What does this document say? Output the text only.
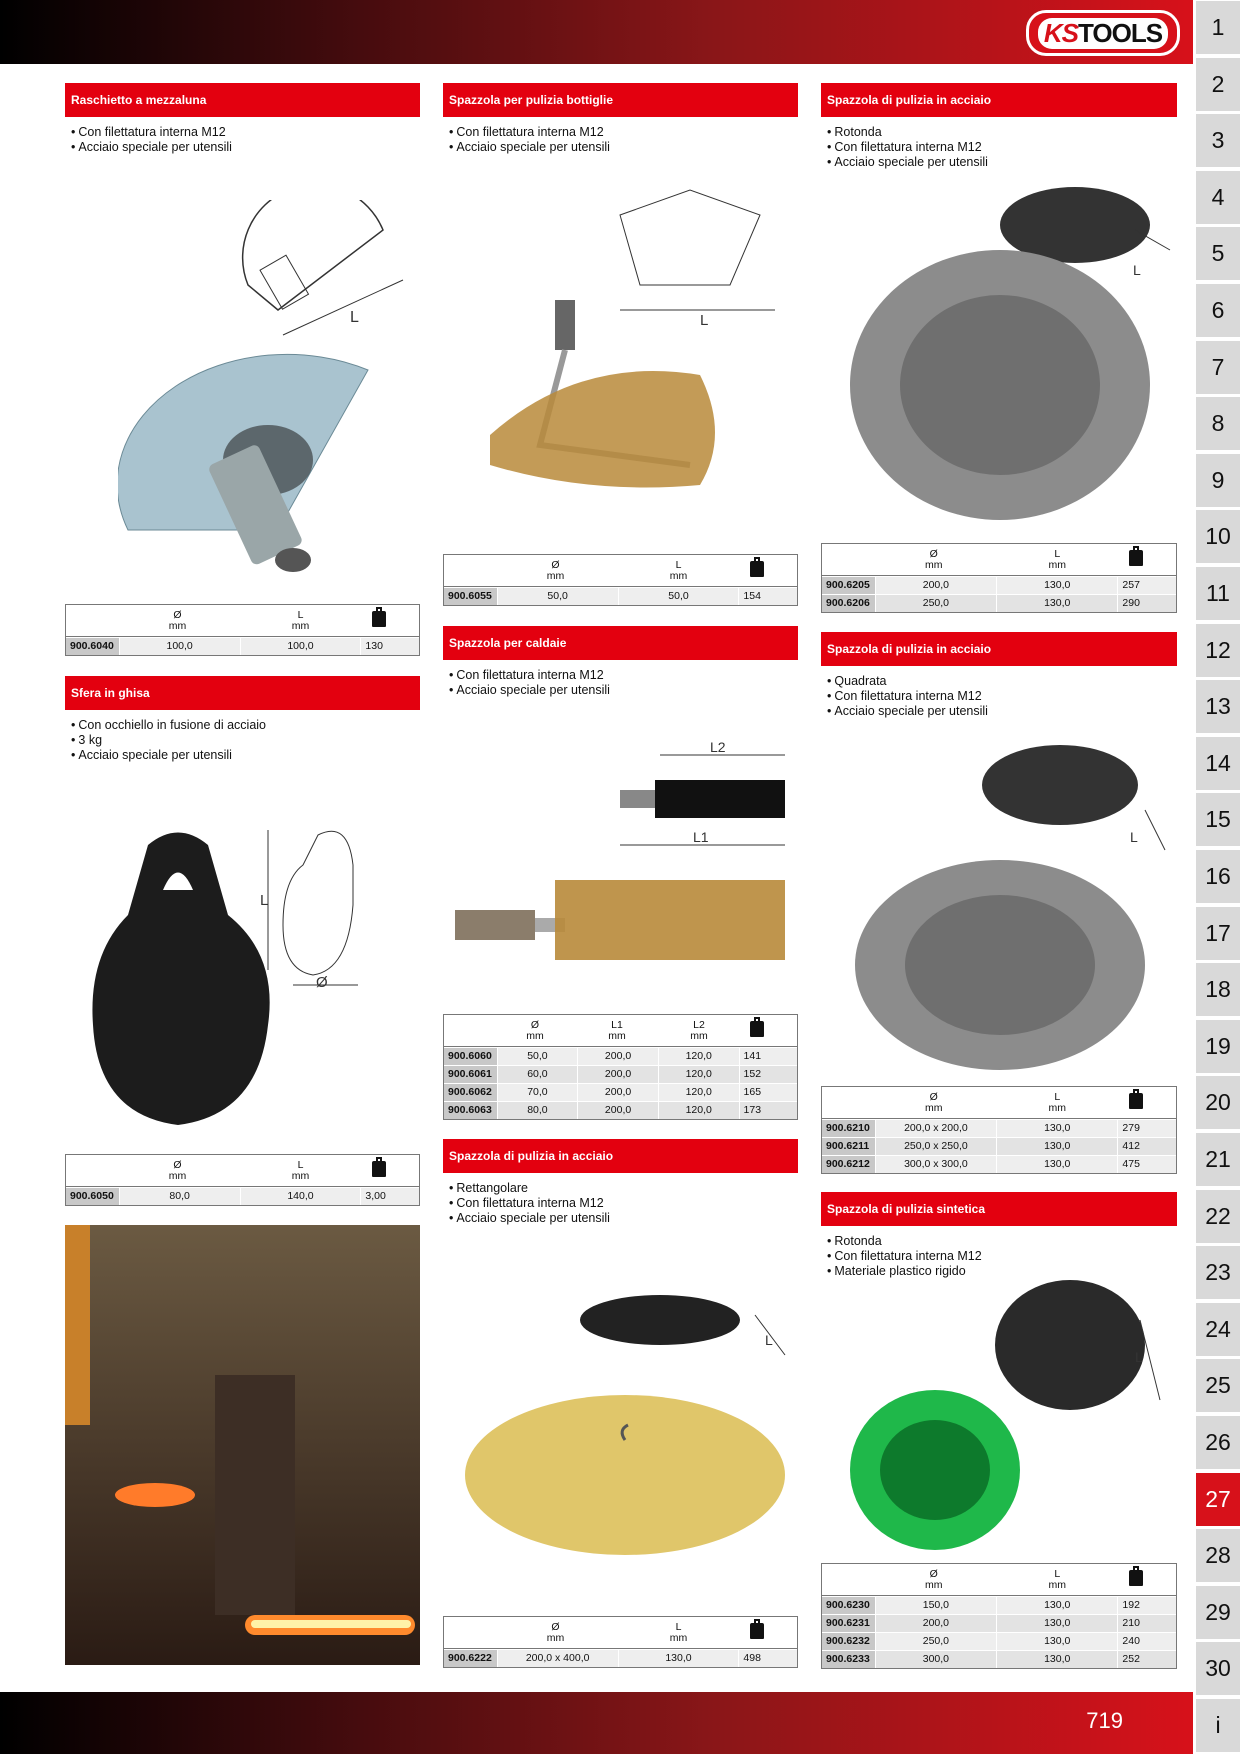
KSTOOLS
719
1
2
3
4
5
6
7
8
9
10
11
12
13
14
15
16
17
18
19
20
21
22
23
24
25
26
27
28
29
30
i
Raschietto a mezzaluna
• Con filettatura interna M12
• Acciaio speciale per utensili
L
Ø
mm
L
mm
900.6040	100,0	100,0	130
Sfera in ghisa
• Con occhiello in fusione di acciaio
• 3 kg
• Acciaio speciale per utensili
L
Ø
Ø
mm
L
mm
900.6050	80,0	140,0	3,00
Spazzola per pulizia bottiglie
• Con filettatura interna M12
• Acciaio speciale per utensili
L
Ø
mm
L
mm
900.6055	50,0	50,0	154
Spazzola per caldaie
• Con filettatura interna M12
• Acciaio speciale per utensili
L2
L1
Ø
mm
L1
mm
L2
mm
900.6060	50,0	200,0	120,0	141
900.6061	60,0	200,0	120,0	152
900.6062	70,0	200,0	120,0	165
900.6063	80,0	200,0	120,0	173
Spazzola di pulizia in acciaio
• Rettangolare
• Con filettatura interna M12
• Acciaio speciale per utensili
L
Ø
mm
L
mm
900.6222	200,0 x 400,0	130,0	498
Spazzola di pulizia in acciaio
• Rotonda
• Con filettatura interna M12
• Acciaio speciale per utensili
L
Ø
mm
L
mm
900.6205	200,0	130,0	257
900.6206	250,0	130,0	290
Spazzola di pulizia in acciaio
• Quadrata
• Con filettatura interna M12
• Acciaio speciale per utensili
L
Ø
mm
L
mm
900.6210	200,0 x 200,0	130,0	279
900.6211	250,0 x 250,0	130,0	412
900.6212	300,0 x 300,0	130,0	475
Spazzola di pulizia sintetica
• Rotonda
• Con filettatura interna M12
• Materiale plastico rigido
L
Ø
mm
L
mm
900.6230	150,0	130,0	192
900.6231	200,0	130,0	210
900.6232	250,0	130,0	240
900.6233	300,0	130,0	252
